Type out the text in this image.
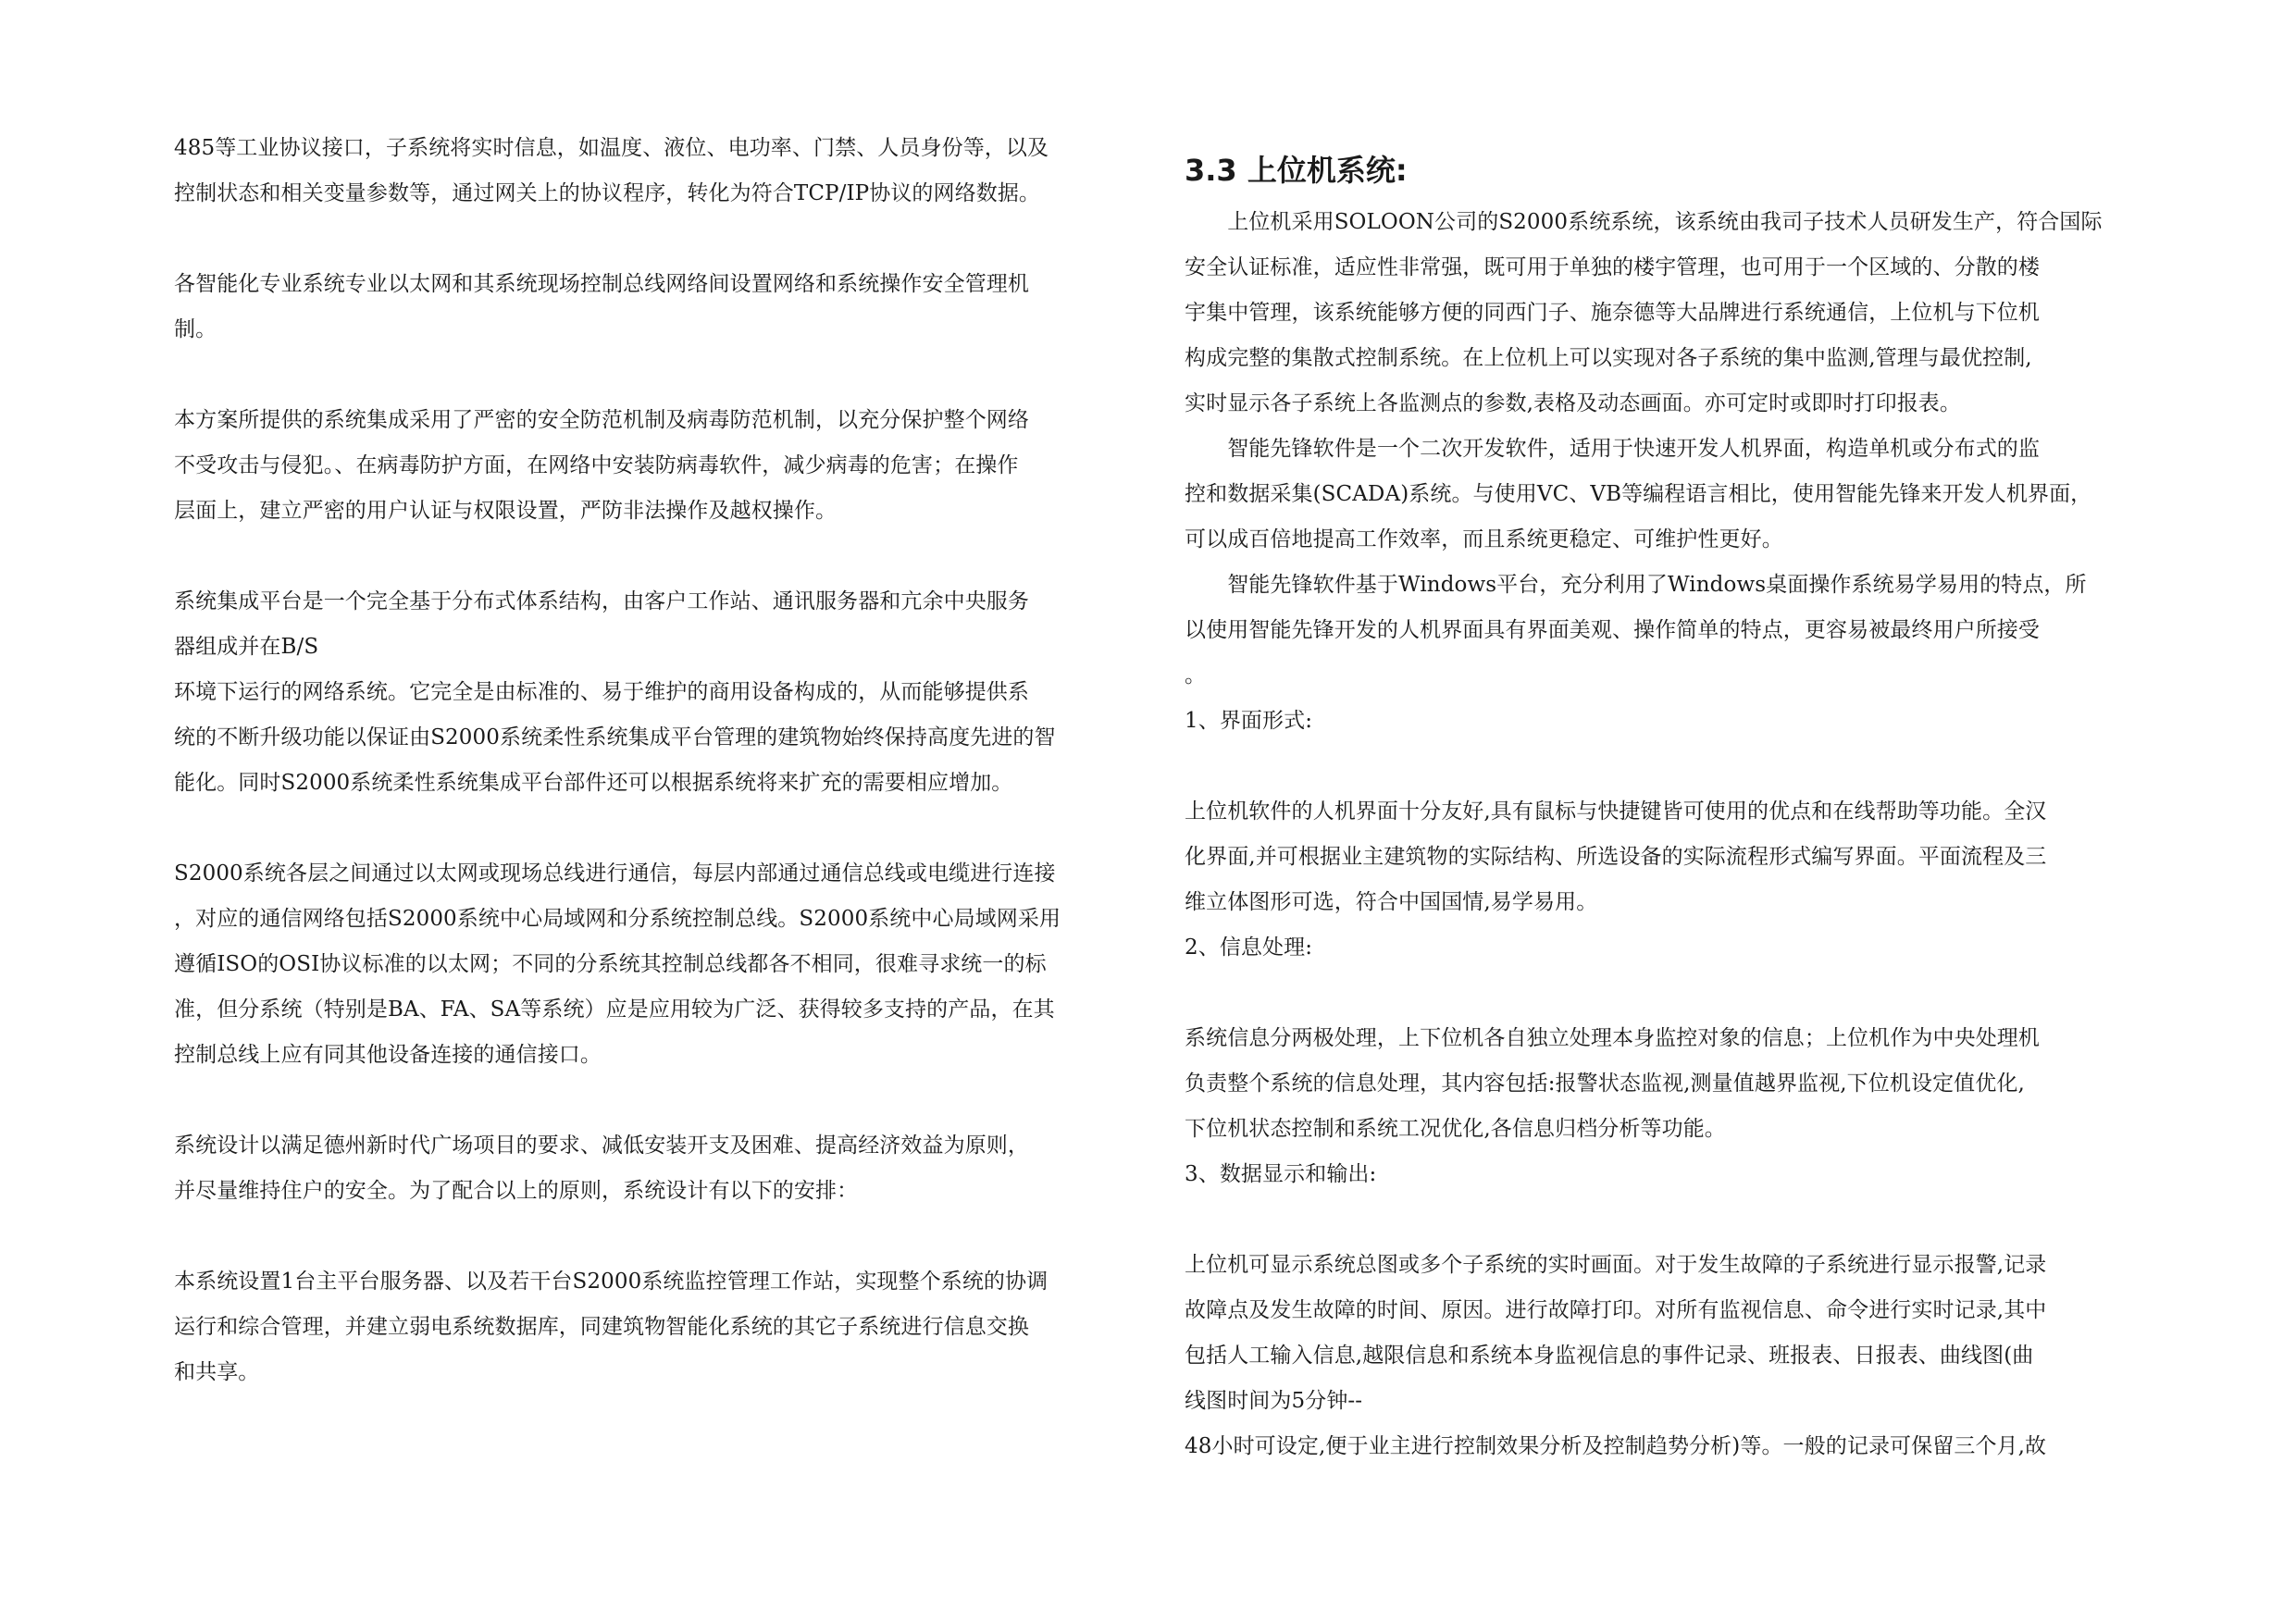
485等工业协议接口，子系统将实时信息，如温度、液位、电功率、门禁、人员身份等，以及
控制状态和相关变量参数等，通过网关上的协议程序，转化为符合TCP/IP协议的网络数据。
各智能化专业系统专业以太网和其系统现场控制总线网络间设置网络和系统操作安全管理机
制。
本方案所提供的系统集成采用了严密的安全防范机制及病毒防范机制，以充分保护整个网络
不受攻击与侵犯。、在病毒防护方面，在网络中安装防病毒软件，减少病毒的危害；在操作
层面上，建立严密的用户认证与权限设置，严防非法操作及越权操作。
系统集成平台是一个完全基于分布式体系结构，由客户工作站、通讯服务器和亢余中央服务
器组成并在B/S
环境下运行的网络系统。它完全是由标准的、易于维护的商用设备构成的，从而能够提供系
统的不断升级功能以保证由S2000系统柔性系统集成平台管理的建筑物始终保持高度先进的智
能化。同时S2000系统柔性系统集成平台部件还可以根据系统将来扩充的需要相应增加。
S2000系统各层之间通过以太网或现场总线进行通信，每层内部通过通信总线或电缆进行连接
，对应的通信网络包括S2000系统中心局域网和分系统控制总线。S2000系统中心局域网采用
遵循ISO的OSI协议标准的以太网；不同的分系统其控制总线都各不相同，很难寻求统一的标
准，但分系统（特别是BA、FA、SA等系统）应是应用较为广泛、获得较多支持的产品，在其
控制总线上应有同其他设备连接的通信接口。
系统设计以满足德州新时代广场项目的要求、减低安装开支及困难、提高经济效益为原则，
并尽量维持住户的安全。为了配合以上的原则，系统设计有以下的安排：
本系统设置1台主平台服务器、以及若干台S2000系统监控管理工作站，实现整个系统的协调
运行和综合管理，并建立弱电系统数据库，同建筑物智能化系统的其它子系统进行信息交换
和共享。
3.3 上位机系统:
　　上位机采用SOLOON公司的S2000系统系统，该系统由我司子技术人员研发生产，符合国际
安全认证标准，适应性非常强，既可用于单独的楼宇管理，也可用于一个区域的、分散的楼
宇集中管理，该系统能够方便的同西门子、施奈德等大品牌进行系统通信，上位机与下位机
构成完整的集散式控制系统。在上位机上可以实现对各子系统的集中监测,管理与最优控制,
实时显示各子系统上各监测点的参数,表格及动态画面。亦可定时或即时打印报表。
　　智能先锋软件是一个二次开发软件，适用于快速开发人机界面，构造单机或分布式的监
控和数据采集(SCADA)系统。与使用VC、VB等编程语言相比，使用智能先锋来开发人机界面，
可以成百倍地提高工作效率，而且系统更稳定、可维护性更好。
　　智能先锋软件基于Windows平台，充分利用了Windows桌面操作系统易学易用的特点，所
以使用智能先锋开发的人机界面具有界面美观、操作简单的特点，更容易被最终用户所接受
。
1、界面形式:
上位机软件的人机界面十分友好,具有鼠标与快捷键皆可使用的优点和在线帮助等功能。全汉
化界面,并可根据业主建筑物的实际结构、所选设备的实际流程形式编写界面。平面流程及三
维立体图形可选，符合中国国情,易学易用。
2、信息处理:
系统信息分两极处理，上下位机各自独立处理本身监控对象的信息；上位机作为中央处理机
负责整个系统的信息处理，其内容包括:报警状态监视,测量值越界监视,下位机设定值优化,
下位机状态控制和系统工况优化,各信息归档分析等功能。
3、数据显示和输出:
上位机可显示系统总图或多个子系统的实时画面。对于发生故障的子系统进行显示报警,记录
故障点及发生故障的时间、原因。进行故障打印。对所有监视信息、命令进行实时记录,其中
包括人工输入信息,越限信息和系统本身监视信息的事件记录、班报表、日报表、曲线图(曲
线图时间为5分钟--
48小时可设定,便于业主进行控制效果分析及控制趋势分析)等。一般的记录可保留三个月,故
